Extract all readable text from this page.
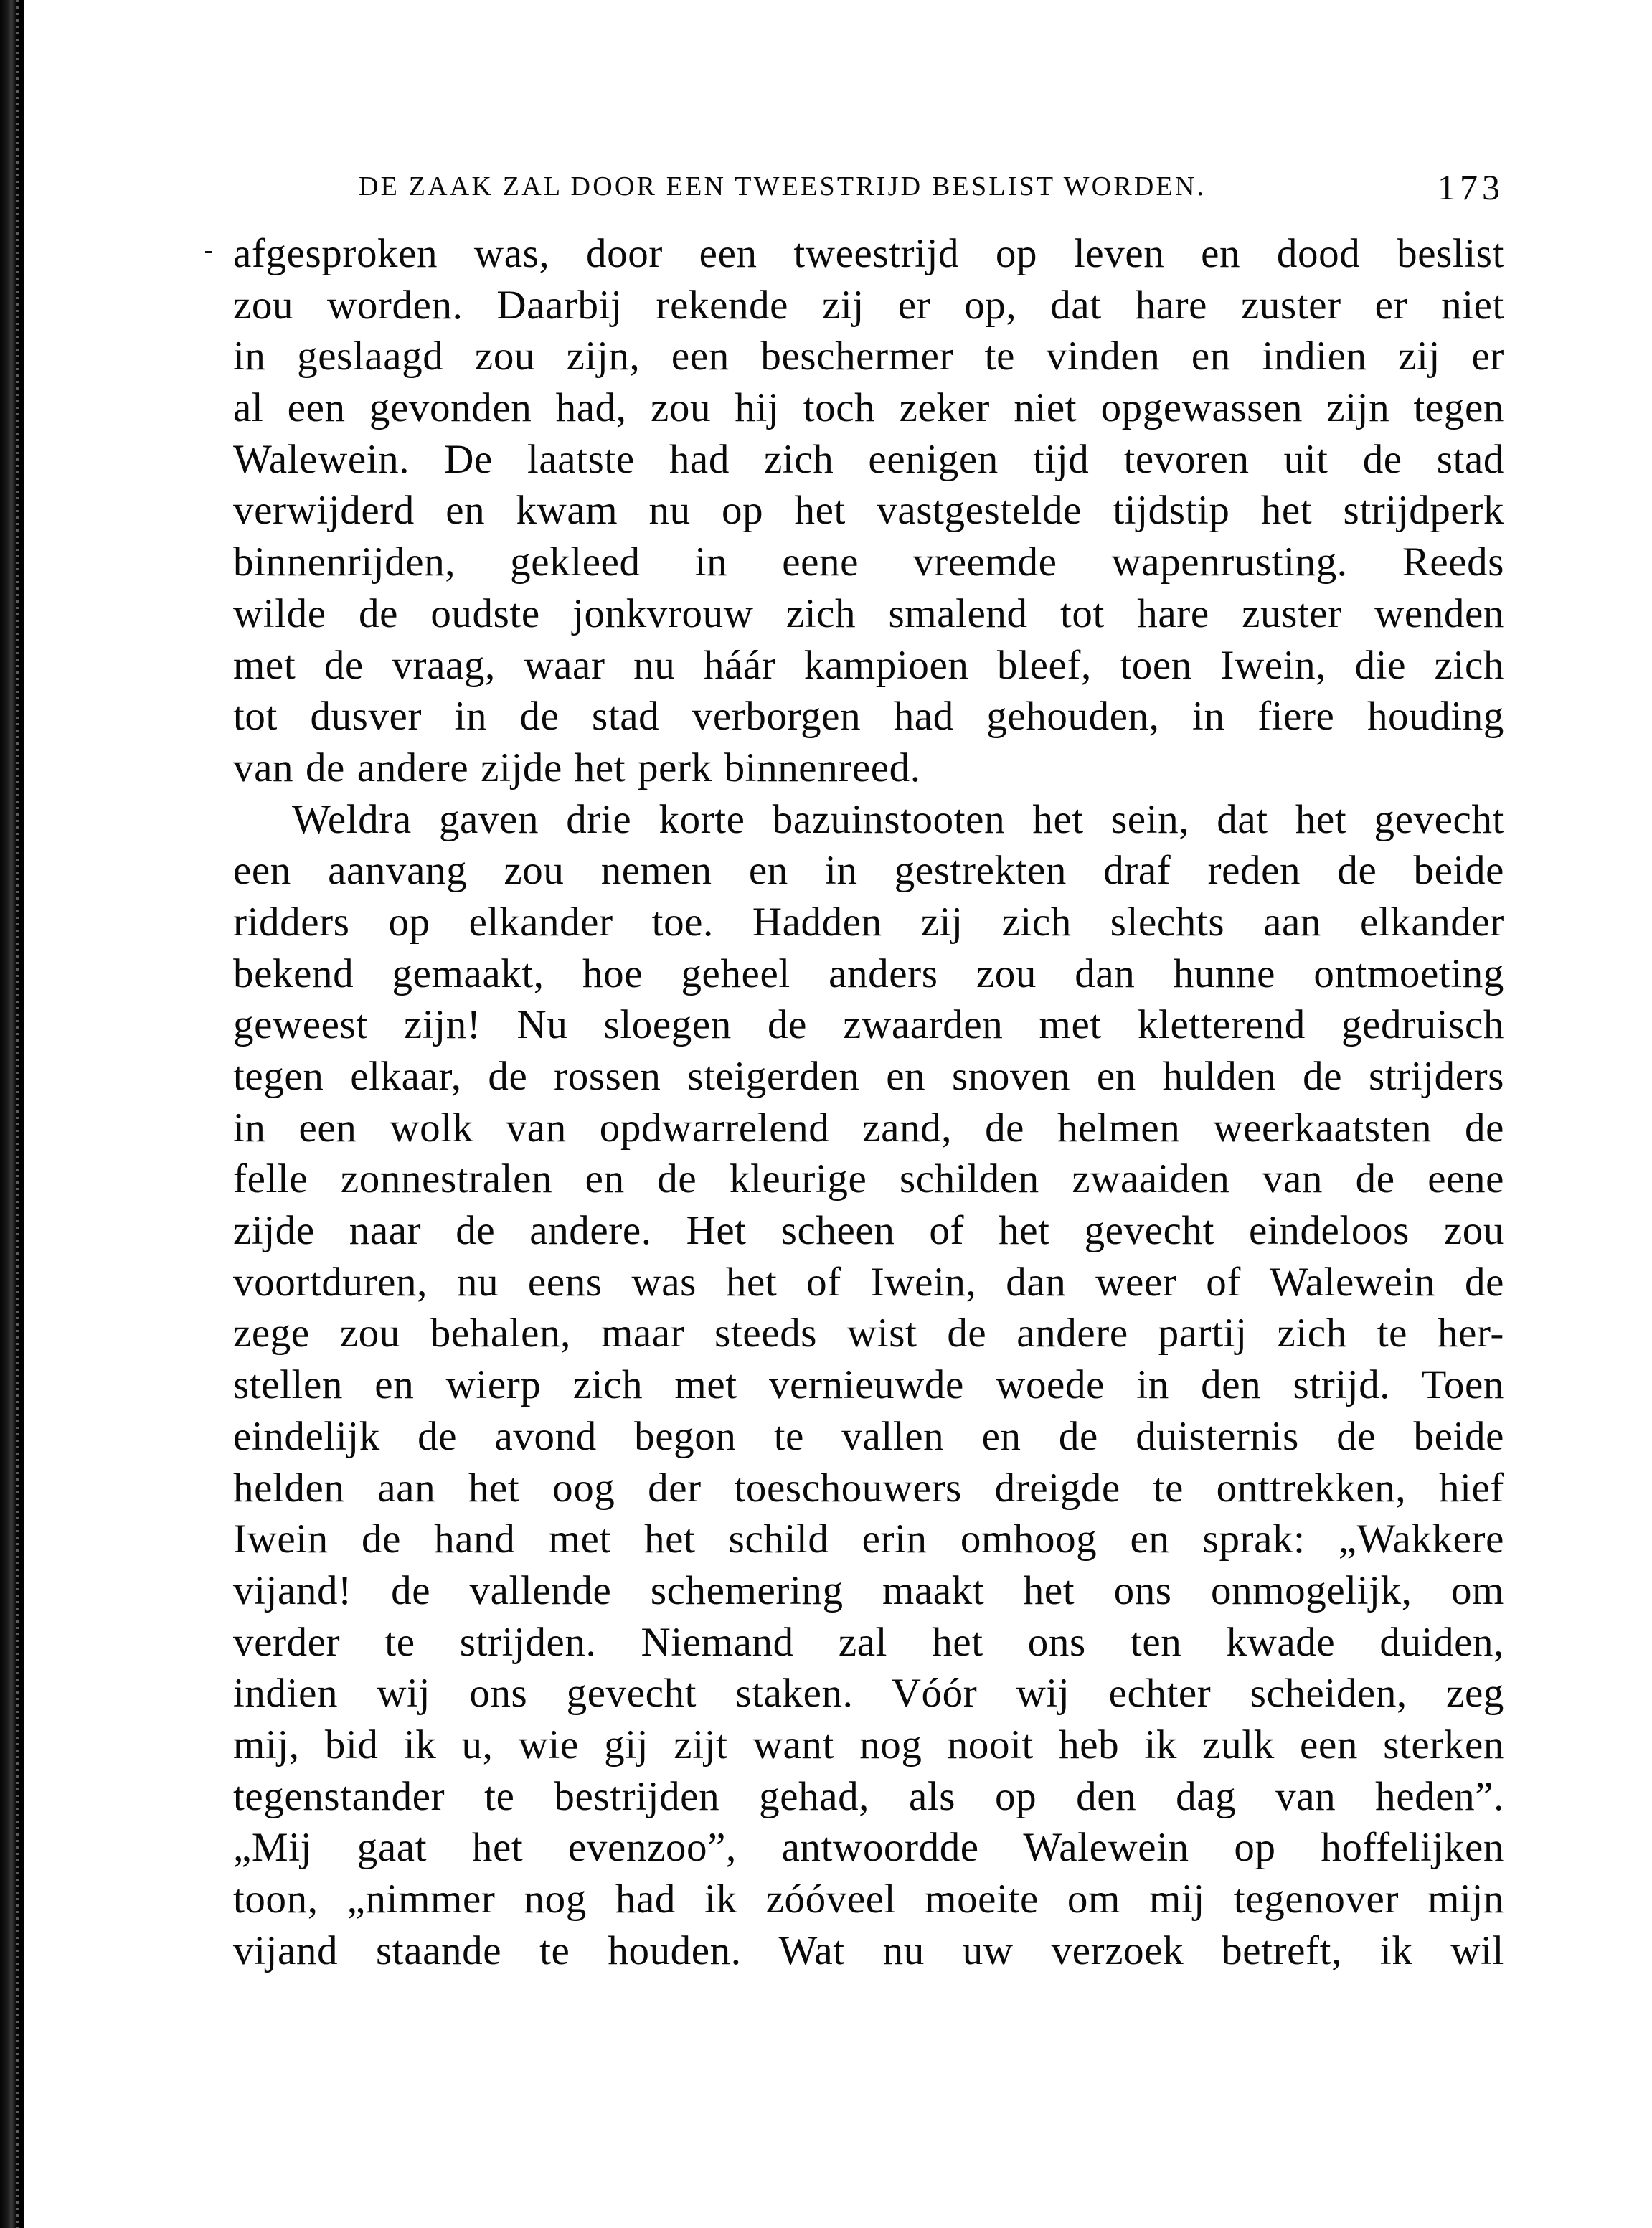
DE ZAAK ZAL DOOR EEN TWEESTRIJD BESLIST WORDEN.	173
afgesproken was, door een tweestrijd op leven en dood beslist
zou worden. Daarbij rekende zij er op, dat hare zuster er niet
in geslaagd zou zijn, een beschermer te vinden en indien zij er
al een gevonden had, zou hij toch zeker niet opgewassen zijn tegen
Walewein. De laatste had zich eenigen tijd tevoren uit de stad
verwijderd en kwam nu op het vastgestelde tijdstip het strijdperk
binnenrijden, gekleed in eene vreemde wapenrusting. Reeds
wilde de oudste jonkvrouw zich smalend tot hare zuster wenden
met de vraag, waar nu háár kampioen bleef, toen Iwein, die zich
tot dusver in de stad verborgen had gehouden, in fiere houding
van de andere zijde het perk binnenreed.
Weldra gaven drie korte bazuinstooten het sein, dat het gevecht
een aanvang zou nemen en in gestrekten draf reden de beide
ridders op elkander toe. Hadden zij zich slechts aan elkander
bekend gemaakt, hoe geheel anders zou dan hunne ontmoeting
geweest zijn! Nu sloegen de zwaarden met kletterend gedruisch
tegen elkaar, de rossen steigerden en snoven en hulden de strijders
in een wolk van opdwarrelend zand, de helmen weerkaatsten de
felle zonnestralen en de kleurige schilden zwaaiden van de eene
zijde naar de andere. Het scheen of het gevecht eindeloos zou
voortduren, nu eens was het of Iwein, dan weer of Walewein de
zege zou behalen, maar steeds wist de andere partij zich te her-
stellen en wierp zich met vernieuwde woede in den strijd. Toen
eindelijk de avond begon te vallen en de duisternis de beide
helden aan het oog der toeschouwers dreigde te onttrekken, hief
Iwein de hand met het schild erin omhoog en sprak: „Wakkere
vijand! de vallende schemering maakt het ons onmogelijk, om
verder te strijden. Niemand zal het ons ten kwade duiden,
indien wij ons gevecht staken. Vóór wij echter scheiden, zeg
mij, bid ik u, wie gij zijt want nog nooit heb ik zulk een sterken
tegenstander te bestrijden gehad, als op den dag van heden”.
„Mij gaat het evenzoo”, antwoordde Walewein op hoffelijken
toon, „nimmer nog had ik zóóveel moeite om mij tegenover mijn
vijand staande te houden. Wat nu uw verzoek betreft, ik wil
